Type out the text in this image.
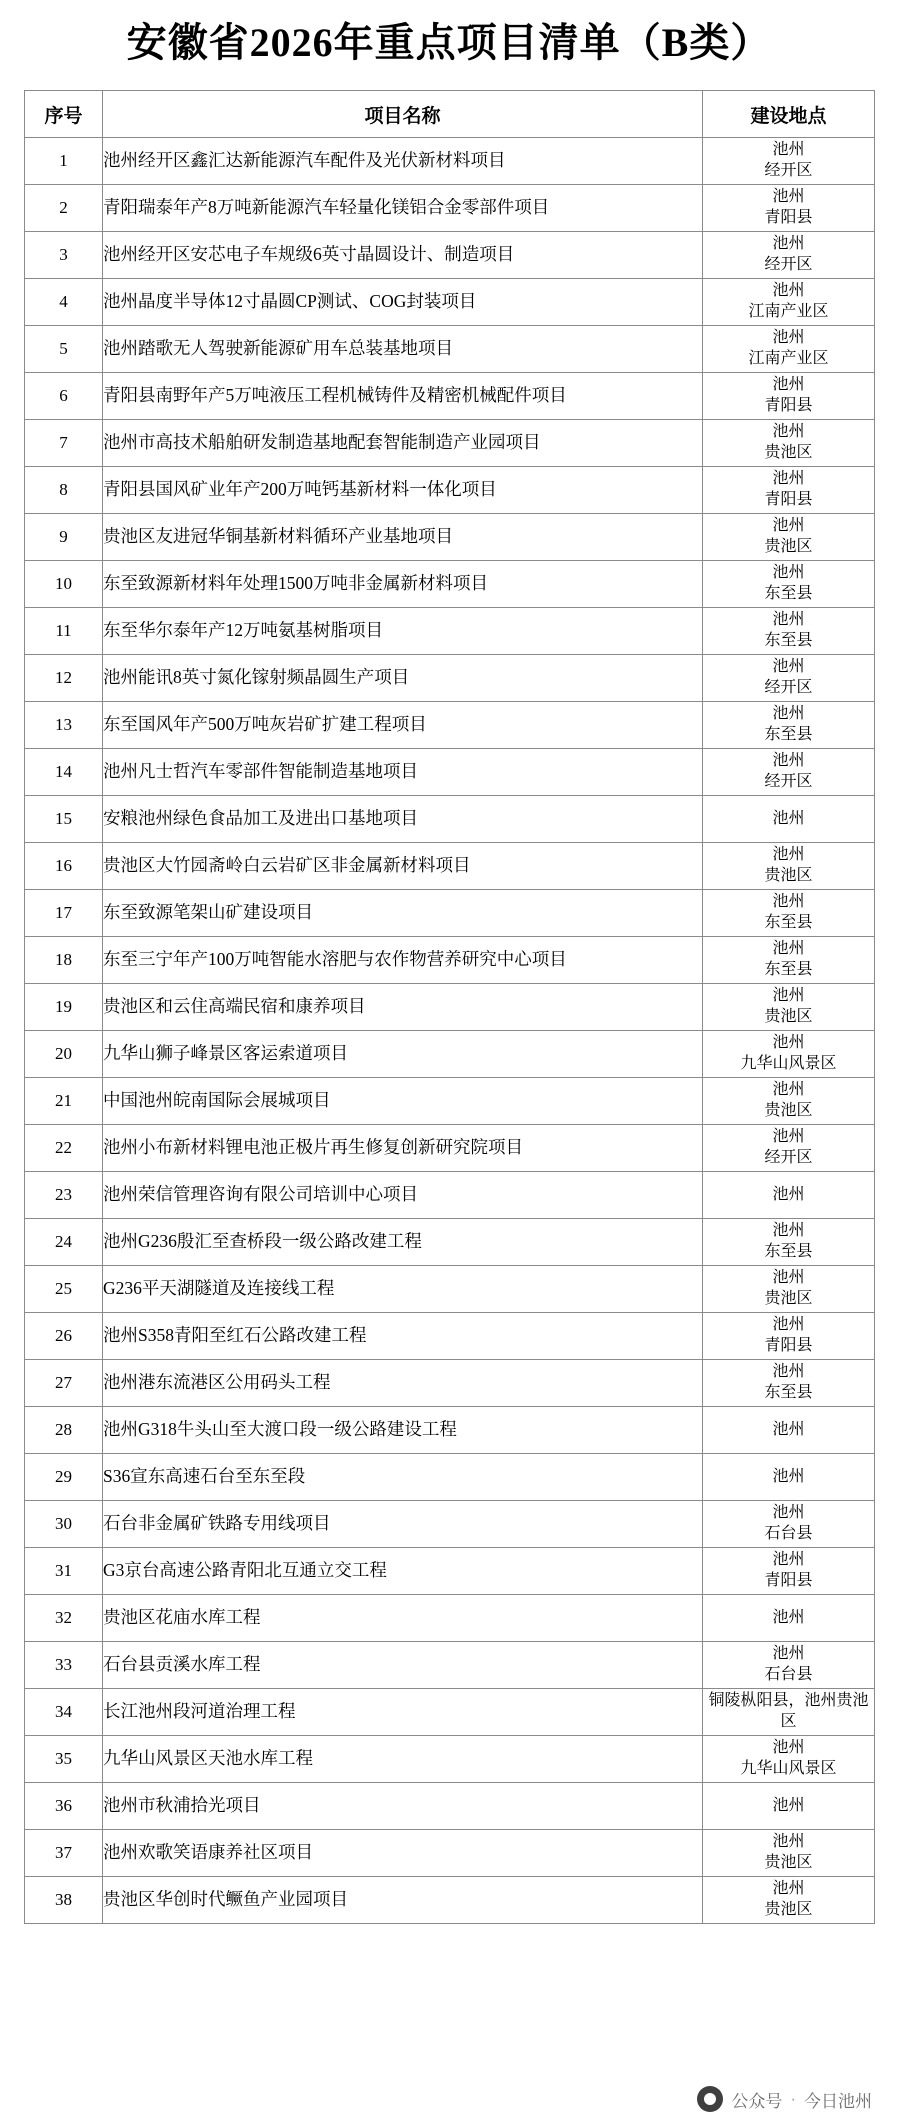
安徽省2026年重点项目清单（B类）
序号	项目名称	建设地点
1	池州经开区鑫汇达新能源汽车配件及光伏新材料项目	池州
经开区

2	青阳瑞泰年产8万吨新能源汽车轻量化镁铝合金零部件项目	池州
青阳县

3	池州经开区安芯电子车规级6英寸晶圆设计、制造项目	池州
经开区

4	池州晶度半导体12寸晶圆CP测试、COG封装项目	池州
江南产业区

5	池州踏歌无人驾驶新能源矿用车总装基地项目	池州
江南产业区

6	青阳县南野年产5万吨液压工程机械铸件及精密机械配件项目	池州
青阳县

7	池州市高技术船舶研发制造基地配套智能制造产业园项目	池州
贵池区

8	青阳县国风矿业年产200万吨钙基新材料一体化项目	池州
青阳县

9	贵池区友进冠华铜基新材料循环产业基地项目	池州
贵池区

10	东至致源新材料年处理1500万吨非金属新材料项目	池州
东至县

11	东至华尔泰年产12万吨氨基树脂项目	池州
东至县

12	池州能讯8英寸氮化镓射频晶圆生产项目	池州
经开区

13	东至国风年产500万吨灰岩矿扩建工程项目	池州
东至县

14	池州凡士哲汽车零部件智能制造基地项目	池州
经开区

15	安粮池州绿色食品加工及进出口基地项目	池州

16	贵池区大竹园斋岭白云岩矿区非金属新材料项目	池州
贵池区

17	东至致源笔架山矿建设项目	池州
东至县

18	东至三宁年产100万吨智能水溶肥与农作物营养研究中心项目	池州
东至县

19	贵池区和云住高端民宿和康养项目	池州
贵池区

20	九华山狮子峰景区客运索道项目	池州
九华山风景区

21	中国池州皖南国际会展城项目	池州
贵池区

22	池州小布新材料锂电池正极片再生修复创新研究院项目	池州
经开区

23	池州荣信管理咨询有限公司培训中心项目	池州

24	池州G236殷汇至查桥段一级公路改建工程	池州
东至县

25	G236平天湖隧道及连接线工程	池州
贵池区

26	池州S358青阳至红石公路改建工程	池州
青阳县

27	池州港东流港区公用码头工程	池州
东至县

28	池州G318牛头山至大渡口段一级公路建设工程	池州

29	S36宣东高速石台至东至段	池州

30	石台非金属矿铁路专用线项目	池州
石台县

31	G3京台高速公路青阳北互通立交工程	池州
青阳县

32	贵池区花庙水库工程	池州

33	石台县贡溪水库工程	池州
石台县

34	长江池州段河道治理工程	铜陵枞阳县，池州贵池区

35	九华山风景区天池水库工程	池州
九华山风景区

36	池州市秋浦拾光项目	池州

37	池州欢歌笑语康养社区项目	池州
贵池区

38	贵池区华创时代鳜鱼产业园项目	池州
贵池区
公众号 · 今日池州
